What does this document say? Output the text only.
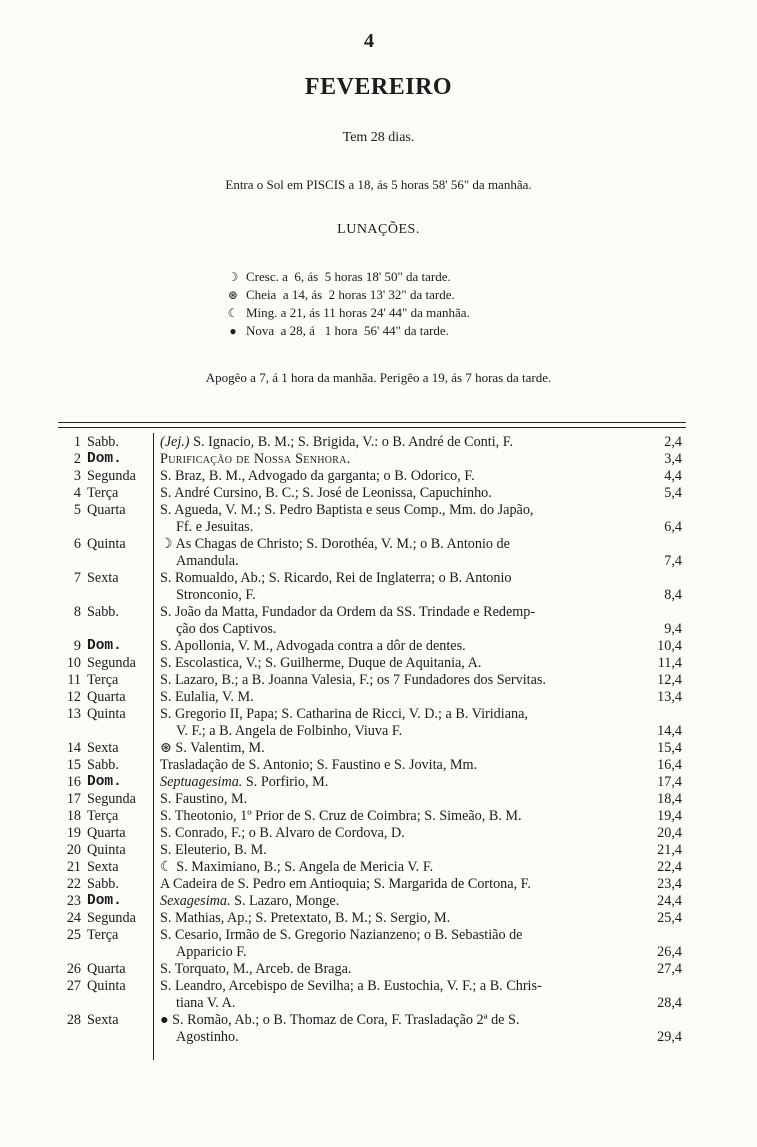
4
FEVEREIRO
Tem 28 dias.
Entra o Sol em PISCIS a 18, ás 5 horas 58' 56" da manhãa.
LUNAÇÕES.
☽ Cresc. a  6, ás  5 horas 18' 50" da tarde.
⊛ Cheia  a 14, ás  2 horas 13' 32" da tarde.
☾ Ming. a 21, ás 11 horas 24' 44" da manhãa.
● Nova  a 28, á   1 hora  56' 44" da tarde.
Apogêo a 7, á 1 hora da manhãa. Perigêo a 19, ás 7 horas da tarde.
1 Sabb.	(Jej.) S. Ignacio, B. M.; S. Brigida, V.: o B. André de Conti, F.	2,4
2 Dom.	Purificação de Nossa Senhora.	3,4
3 Segunda S. Braz, B. M., Advogado da garganta; o B. Odorico, F.	4,4
4 Terça	S. André Cursino, B. C.; S. José de Leonissa, Capuchinho.	5,4
5 Quarta S. Agueda, V. M.; S. Pedro Baptista e seus Comp., Mm. do Japão,
Ff. e Jesuitas.	6,4
6 Quinta ☽ As Chagas de Christo; S. Dorothéa, V. M.; o B. Antonio de
Amandula.	7,4
7 Sexta	S. Romualdo, Ab.; S. Ricardo, Rei de Inglaterra; o B. Antonio
Stronconio, F.	8,4
8 Sabb.	S. João da Matta, Fundador da Ordem da SS. Trindade e Redemp-
ção dos Captivos.	9,4
9 Dom.	S. Apollonia, V. M., Advogada contra a dôr de dentes.	10,4
10 Segunda S. Escolastica, V.; S. Guilherme, Duque de Aquitania, A.	11,4
11 Terça	S. Lazaro, B.; a B. Joanna Valesia, F.; os 7 Fundadores dos Servitas.	12,4
12 Quarta S. Eulalia, V. M.	13,4
13 Quinta S. Gregorio II, Papa; S. Catharina de Ricci, V. D.; a B. Viridiana,
V. F.; a B. Angela de Folbinho, Viuva F.	14,4
14 Sexta	⊛ S. Valentim, M.	15,4
15 Sabb.	Trasladação de S. Antonio; S. Faustino e S. Jovita, Mm.	16,4
16 Dom.	Septuagesima. S. Porfirio, M.	17,4
17 Segunda S. Faustino, M.	18,4
18 Terça	S. Theotonio, 1º Prior de S. Cruz de Coimbra; S. Simeão, B. M.	19,4
19 Quarta S. Conrado, F.; o B. Alvaro de Cordova, D.	20,4
20 Quinta S. Eleuterio, B. M.	21,4
21 Sexta	☾ S. Maximiano, B.; S. Angela de Mericia V. F.	22,4
22 Sabb.	A Cadeira de S. Pedro em Antioquia; S. Margarida de Cortona, F.	23,4
23 Dom.	Sexagesima. S. Lazaro, Monge.	24,4
24 Segunda S. Mathias, Ap.; S. Pretextato, B. M.; S. Sergio, M.	25,4
25 Terça	S. Cesario, Irmão de S. Gregorio Nazianzeno; o B. Sebastião de
Apparicio F.	26,4
26 Quarta S. Torquato, M., Arceb. de Braga.	27,4
27 Quinta S. Leandro, Arcebispo de Sevilha; a B. Eustochia, V. F.; a B. Chris-
tiana V. A.	28,4
28 Sexta	● S. Romão, Ab.; o B. Thomaz de Cora, F. Trasladação 2ª de S.
Agostinho.	29,4
